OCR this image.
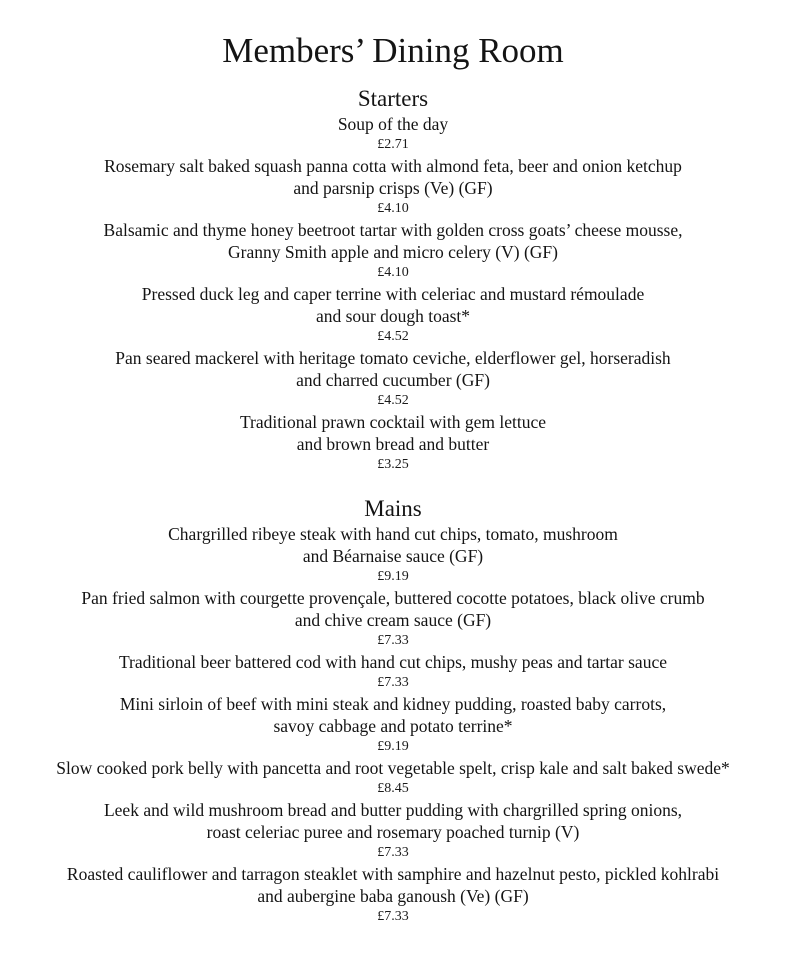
Members’ Dining Room
Starters
Soup of the day
£2.71
Rosemary salt baked squash panna cotta with almond feta, beer and onion ketchup
and parsnip crisps (Ve) (GF)
£4.10
Balsamic and thyme honey beetroot tartar with golden cross goats’ cheese mousse,
Granny Smith apple and micro celery (V) (GF)
£4.10
Pressed duck leg and caper terrine with celeriac and mustard rémoulade
and sour dough toast*
£4.52
Pan seared mackerel with heritage tomato ceviche, elderflower gel, horseradish
and charred cucumber (GF)
£4.52
Traditional prawn cocktail with gem lettuce
and brown bread and butter
£3.25
Mains
Chargrilled ribeye steak with hand cut chips, tomato, mushroom
and Béarnaise sauce (GF)
£9.19
Pan fried salmon with courgette provençale, buttered cocotte potatoes, black olive crumb
and chive cream sauce (GF)
£7.33
Traditional beer battered cod with hand cut chips, mushy peas and tartar sauce
£7.33
Mini sirloin of beef with mini steak and kidney pudding, roasted baby carrots,
savoy cabbage and potato terrine*
£9.19
Slow cooked pork belly with pancetta and root vegetable spelt, crisp kale and salt baked swede*
£8.45
Leek and wild mushroom bread and butter pudding with chargrilled spring onions,
roast celeriac puree and rosemary poached turnip (V)
£7.33
Roasted cauliflower and tarragon steaklet with samphire and hazelnut pesto, pickled kohlrabi
and aubergine baba ganoush (Ve) (GF)
£7.33
